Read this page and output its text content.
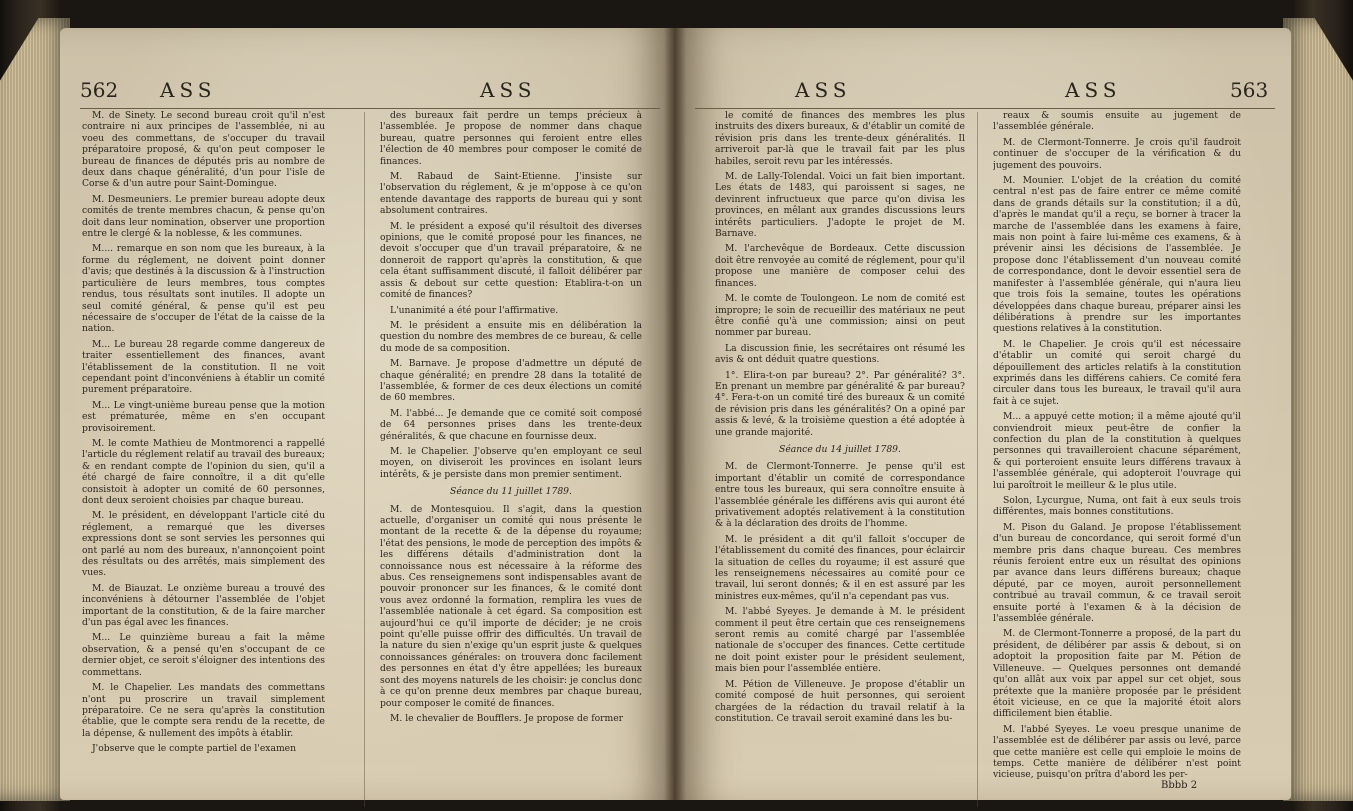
562 ASS	ASS

M. de Sinety. Le second bureau croit qu'il n'est contraire ni aux principes de l'assemblée, ni au voeu des commettans, de s'occuper du travail préparatoire proposé, & qu'on peut composer le bureau de finances de députés pris au nombre de deux dans chaque généralité, d'un pour l'isle de Corse & d'un autre pour Saint-Domingue.

M. Desmeuniers. Le premier bureau adopte deux comités de trente membres chacun, & pense qu'on doit dans leur nomination, observer une proportion entre le clergé & la noblesse, & les communes.

M.... remarque en son nom que les bureaux, à la forme du réglement, ne doivent point donner d'avis; que destinés à la discussion & à l'instruction particulière de leurs membres, tous comptes rendus, tous résultats sont inutiles. Il adopte un seul comité général, & pense qu'il est peu nécessaire de s'occuper de l'état de la caisse de la nation.

M... Le bureau 28 regarde comme dangereux de traiter essentiellement des finances, avant l'établissement de la constitution. Il ne voit cependant point d'inconvéniens à établir un comité purement préparatoire.

M... Le vingt-unième bureau pense que la motion est prématurée, même en s'en occupant provisoirement.

M. le comte Mathieu de Montmorenci a rappellé l'article du réglement relatif au travail des bureaux; & en rendant compte de l'opinion du sien, qu'il a été chargé de faire connoître, il a dit qu'elle consistoit à adopter un comité de 60 personnes, dont deux seroient choisies par chaque bureau.

M. le président, en développant l'article cité du réglement, a remarqué que les diverses expressions dont se sont servies les personnes qui ont parlé au nom des bureaux, n'annonçoient point des résultats ou des arrêtés, mais simplement des vues.

M. de Biauzat. Le onzième bureau a trouvé des inconvéniens à détourner l'assemblée de l'objet important de la constitution, & de la faire marcher d'un pas égal avec les finances.

M... Le quinzième bureau a fait la même observation, & a pensé qu'en s'occupant de ce dernier objet, ce seroit s'éloigner des intentions des commettans.

M. le Chapelier. Les mandats des commettans n'ont pu proscrire un travail simplement préparatoire. Ce ne sera qu'après la constitution établie, que le compte sera rendu de la recette, de la dépense, & nullement des impôts à établir.

J'observe que le compte partiel de l'examen

des bureaux fait perdre un temps précieux à l'assemblée. Je propose de nommer dans chaque bureau, quatre personnes qui feroient entre elles l'élection de 40 membres pour composer le comité de finances.

M. Rabaud de Saint-Etienne. J'insiste sur l'observation du réglement, & je m'oppose à ce qu'on entende davantage des rapports de bureau qui y sont absolument contraires.

M. le président a exposé qu'il résultoit des diverses opinions, que le comité proposé pour les finances, ne devoit s'occuper que d'un travail préparatoire, & ne donneroit de rapport qu'après la constitution, & que cela étant suffisamment discuté, il falloit délibérer par assis & debout sur cette question: Etablira-t-on un comité de finances?

L'unanimité a été pour l'affirmative.

M. le président a ensuite mis en délibération la question du nombre des membres de ce bureau, & celle du mode de sa composition.

M. Barnave. Je propose d'admettre un député de chaque généralité; en prendre 28 dans la totalité de l'assemblée, & former de ces deux élections un comité de 60 membres.

M. l'abbé... Je demande que ce comité soit composé de 64 personnes prises dans les trente-deux généralités, & que chacune en fournisse deux.

M. le Chapelier. J'observe qu'en employant ce seul moyen, on diviseroit les provinces en isolant leurs intérêts, & je persiste dans mon premier sentiment.

Séance du 11 juillet 1789.

M. de Montesquiou. Il s'agit, dans la question actuelle, d'organiser un comité qui nous présente le montant de la recette & de la dépense du royaume; l'état des pensions, le mode de perception des impôts & les différens détails d'administration dont la connoissance nous est nécessaire à la réforme des abus. Ces renseignemens sont indispensables avant de pouvoir prononcer sur les finances, & le comité dont vous avez ordonné la formation, remplira les vues de l'assemblée nationale à cet égard. Sa composition est aujourd'hui ce qu'il importe de décider; je ne crois point qu'elle puisse offrir des difficultés. Un travail de la nature du sien n'exige qu'un esprit juste & quelques connoissances générales: on trouvera donc facilement des personnes en état d'y être appellées; les bureaux sont des moyens naturels de les choisir: je conclus donc à ce qu'on prenne deux membres par chaque bureau, pour composer le comité de finances.

M. le chevalier de Boufflers. Je propose de former

ASS	ASS	563

le comité de finances des membres les plus instruits des dixers bureaux, & d'établir un comité de révision pris dans les trente-deux généralités. Il arriveroit par-là que le travail fait par les plus habiles, seroit revu par les intéressés.

M. de Lally-Tolendal. Voici un fait bien important. Les états de 1483, qui paroissent si sages, ne devinrent infructueux que parce qu'on divisa les provinces, en mêlant aux grandes discussions leurs intérêts particuliers. J'adopte le projet de M. Barnave.

M. l'archevêque de Bordeaux. Cette discussion doit être renvoyée au comité de réglement, pour qu'il propose une manière de composer celui des finances.

M. le comte de Toulongeon. Le nom de comité est impropre; le soin de recueillir des matériaux ne peut être confié qu'à une commission; ainsi on peut nommer par bureau.

La discussion finie, les secrétaires ont résumé les avis & ont déduit quatre questions.

1°. Elira-t-on par bureau? 2°. Par généralité? 3°. En prenant un membre par généralité & par bureau? 4°. Fera-t-on un comité tiré des bureaux & un comité de révision pris dans les généralités? On a opiné par assis & levé, & la troisième question a été adoptée à une grande majorité.

Séance du 14 juillet 1789.

M. de Clermont-Tonnerre. Je pense qu'il est important d'établir un comité de correspondance entre tous les bureaux, qui sera connoître ensuite à l'assemblée générale les différens avis qui auront été privativement adoptés relativement à la constitution & à la déclaration des droits de l'homme.

M. le président a dit qu'il falloit s'occuper de l'établissement du comité des finances, pour éclaircir la situation de celles du royaume; il est assuré que les renseignemens nécessaires au comité pour ce travail, lui seront donnés; & il en est assuré par les ministres eux-mêmes, qu'il n'a cependant pas vus.

M. l'abbé Syeyes. Je demande à M. le président comment il peut être certain que ces renseignemens seront remis au comité chargé par l'assemblée nationale de s'occuper des finances. Cette certitude ne doit point exister pour le président seulement, mais bien pour l'assemblée entière.

M. Pétion de Villeneuve. Je propose d'établir un comité composé de huit personnes, qui seroient chargées de la rédaction du travail relatif à la constitution. Ce travail seroit examiné dans les bu-

reaux & soumis ensuite au jugement de l'assemblée générale.

M. de Clermont-Tonnerre. Je crois qu'il faudroit continuer de s'occuper de la vérification & du jugement des pouvoirs.

M. Mounier. L'objet de la création du comité central n'est pas de faire entrer ce même comité dans de grands détails sur la constitution; il a dû, d'après le mandat qu'il a reçu, se borner à tracer la marche de l'assemblée dans les examens à faire, mais non point à faire lui-même ces examens, & à prévenir ainsi les décisions de l'assemblée. Je propose donc l'établissement d'un nouveau comité de correspondance, dont le devoir essentiel sera de manifester à l'assemblée générale, qui n'aura lieu que trois fois la semaine, toutes les opérations développées dans chaque bureau, préparer ainsi les délibérations à prendre sur les importantes questions relatives à la constitution.

M. le Chapelier. Je crois qu'il est nécessaire d'établir un comité qui seroit chargé du dépouillement des articles relatifs à la constitution exprimés dans les différens cahiers. Ce comité fera circuler dans tous les bureaux, le travail qu'il aura fait à ce sujet.

M... a appuyé cette motion; il a même ajouté qu'il conviendroit mieux peut-être de confier la confection du plan de la constitution à quelques personnes qui travailleroient chacune séparément, & qui porteroient ensuite leurs différens travaux à l'assemblée générale, qui adopteroit l'ouvrage qui lui paroîtroit le meilleur & le plus utile.

Solon, Lycurgue, Numa, ont fait à eux seuls trois différentes, mais bonnes constitutions.

M. Pison du Galand. Je propose l'établissement d'un bureau de concordance, qui seroit formé d'un membre pris dans chaque bureau. Ces membres réunis feroient entre eux un résultat des opinions par avance dans leurs différens bureaux; chaque député, par ce moyen, auroit personnellement contribué au travail commun, & ce travail seroit ensuite porté à l'examen & à la décision de l'assemblée générale.

M. de Clermont-Tonnerre a proposé, de la part du président, de délibérer par assis & debout, si on adoptoit la proposition faite par M. Pétion de Villeneuve. — Quelques personnes ont demandé qu'on allât aux voix par appel sur cet objet, sous prétexte que la manière proposée par le président étoit vicieuse, en ce que la majorité étoit alors difficilement bien établie.

M. l'abbé Syeyes. Le voeu presque unanime de l'assemblée est de délibérer par assis ou levé, parce que cette manière est celle qui emploie le moins de temps. Cette manière de délibérer n'est point vicieuse, puisqu'on prîtra d'abord les per-

Bbbb 2
